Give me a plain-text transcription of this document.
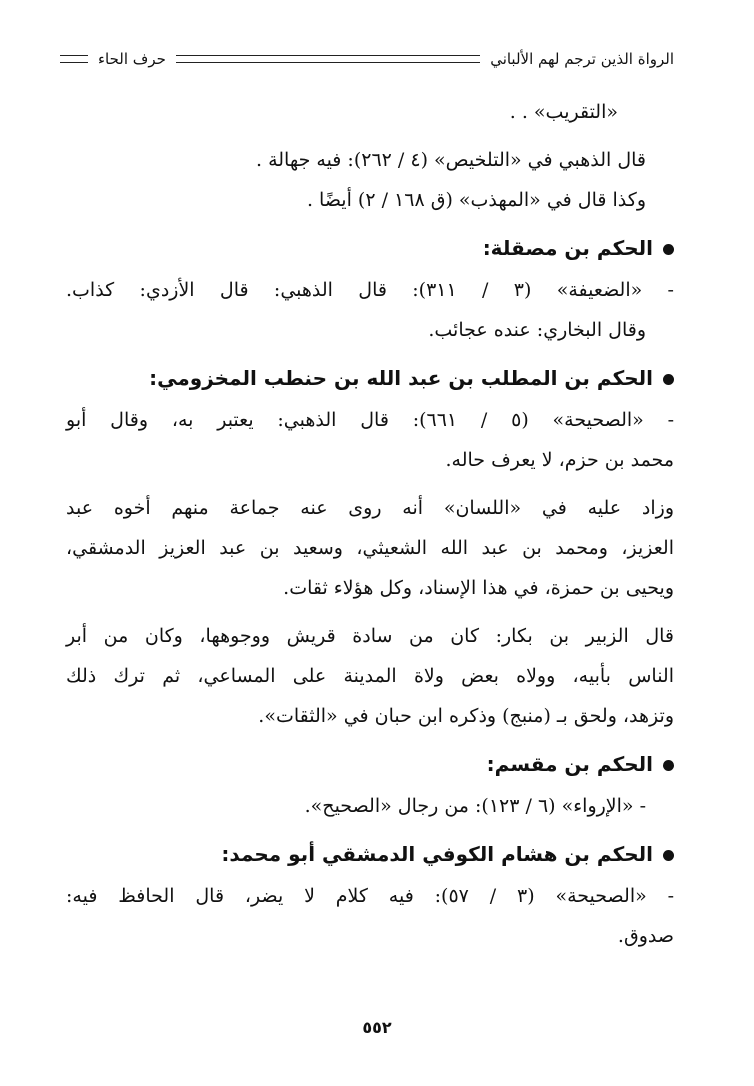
الرواة الذين ترجم لهم الألباني
حرف الحاء
«التقريب» . .
قال الذهبي في «التلخيص» (٤ / ٢٦٢): فيه جهالة .
وكذا قال في «المهذب» (ق ١٦٨ / ٢) أيضًا .
الحكم بن مصقلة:
- «الضعيفة» (٣ / ٣١١): قال الذهبي: قال الأزدي: كذاب.
وقال البخاري: عنده عجائب.
الحكم بن المطلب بن عبد الله بن حنطب المخزومي:
- «الصحيحة» (٥ / ٦٦١): قال الذهبي: يعتبر به، وقال أبو
محمد بن حزم، لا يعرف حاله.
وزاد عليه في «اللسان» أنه روى عنه جماعة منهم أخوه عبد
العزيز، ومحمد بن عبد الله الشعيثي، وسعيد بن عبد العزيز الدمشقي،
ويحيى بن حمزة، في هذا الإسناد، وكل هؤلاء ثقات.
قال الزبير بن بكار: كان من سادة قريش ووجوهها، وكان من أبر
الناس بأبيه، وولاه بعض ولاة المدينة على المساعي، ثم ترك ذلك
وتزهد، ولحق بـ (منبج) وذكره ابن حبان في «الثقات».
الحكم بن مقسم:
- «الإرواء» (٦ / ١٢٣): من رجال «الصحيح».
الحكم بن هشام الكوفي الدمشقي أبو محمد:
- «الصحيحة» (٣ / ٥٧): فيه كلام لا يضر، قال الحافظ فيه:
صدوق.
٥٥٢
